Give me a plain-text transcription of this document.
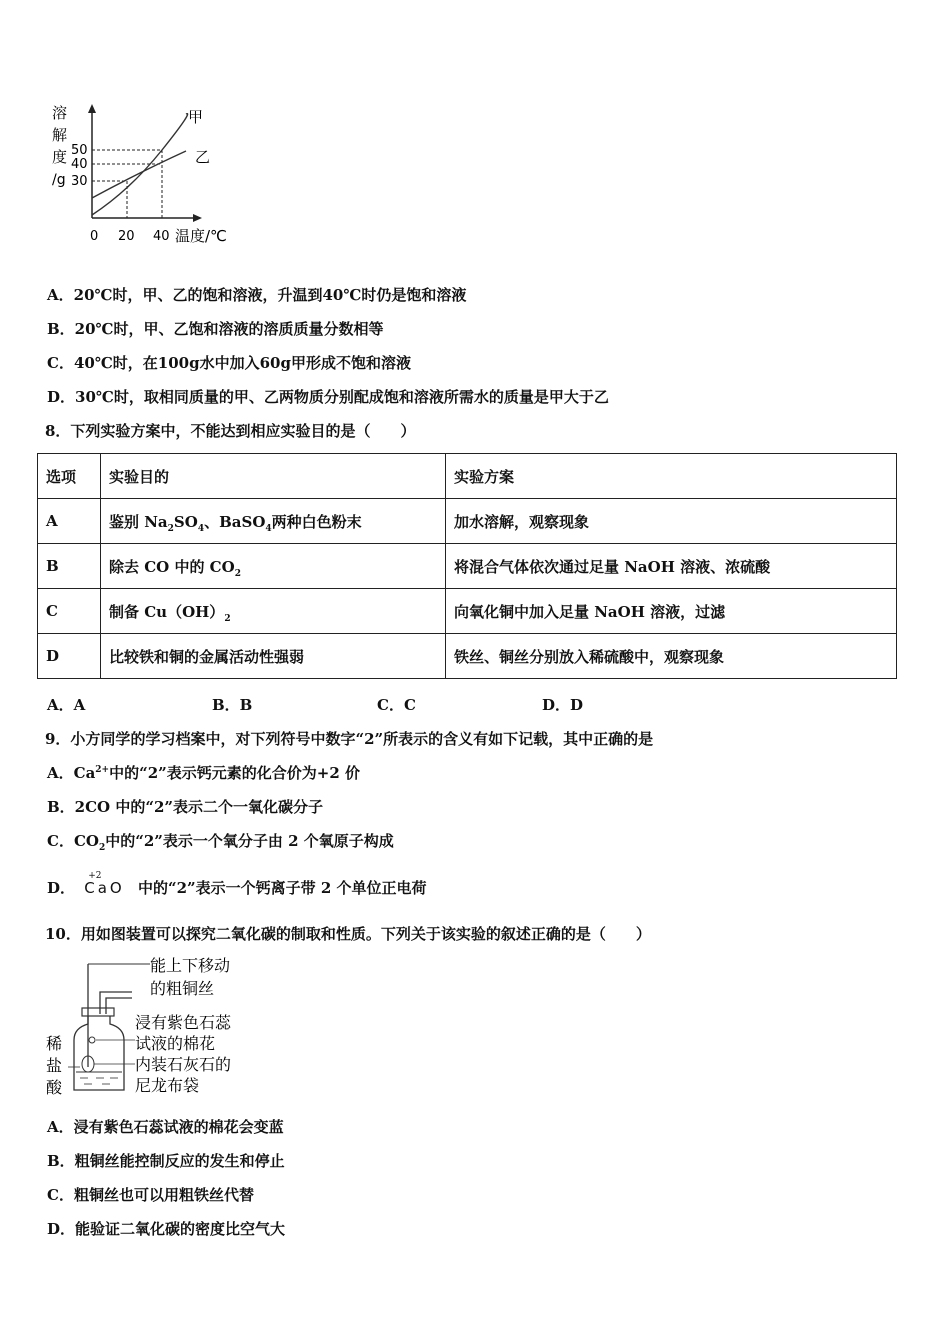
溶
解
度
/g
50
40
30
0 20 40 温度/℃
甲
乙
A．20℃时，甲、乙的饱和溶液，升温到40℃时仍是饱和溶液
B．20℃时，甲、乙饱和溶液的溶质质量分数相等
C．40℃时，在100g水中加入60g甲形成不饱和溶液
D．30℃时，取相同质量的甲、乙两物质分别配成饱和溶液所需水的质量是甲大于乙
8．下列实验方案中，不能达到相应实验目的是（　　）
选项	实验目的	实验方案
A	鉴别 $Na_2SO_4$、BaSO$_4$两种白色粉末	加水溶解，观察现象
B	除去 CO 中的 $CO_2$	将混合气体依次通过足量 NaOH 溶液、浓硫酸
C	制备 $Cu(OH)_2$	向氧化铜中加入足量 NaOH 溶液，过滤
D	比较铁和铜的金属活动性强弱	铁丝、铜丝分别放入稀硫酸中，观察现象
A．A	B．B	C．C	D．D
9．小方同学的学习档案中，对下列符号中数字“2”所表示的含义有如下记载，其中正确的是
A．$Ca^{2+}$中的“2”表示钙元素的化合价为+2 价
B．2CO 中的“2”表示二个一氧化碳分子
C．$CO_2$中的“2”表示一个氧分子由 2 个氧原子构成
D．
+2
CaO 中的“2”表示一个钙离子带 2 个单位正电荷
10．用如图装置可以探究二氧化碳的制取和性质。下列关于该实验的叙述正确的是（　　）
能上下移动
的粗铜丝
浸有紫色石蕊
试液的棉花
内装石灰石的
尼龙布袋
稀
盐
酸
A．浸有紫色石蕊试液的棉花会变蓝
B．粗铜丝能控制反应的发生和停止
C．粗铜丝也可以用粗铁丝代替
D．能验证二氧化碳的密度比空气大
